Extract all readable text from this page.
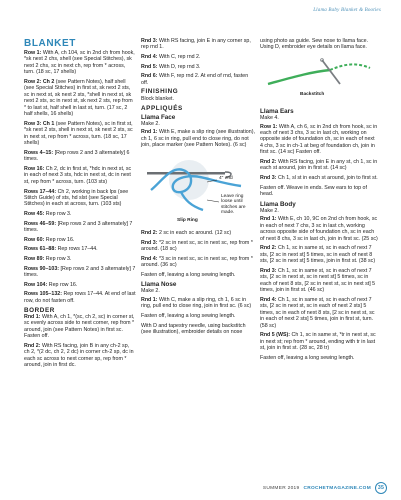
Llama Baby Blanket & Booties
BLANKET

Row 1: With A, ch 104, sc in 2nd ch from hook, *sk next 2 chs, shell (see Special Stitches), sk next 2 chs, sc in next ch, rep from * across, turn. (18 sc, 17 shells)

Row 2: Ch 2 (see Pattern Notes), half shell (see Special Stitches) in first st, sk next 2 sts, sc in next st, sk next 2 sts, *shell in next st, sk next 2 sts, sc in next st, sk next 2 sts, rep from * to last st, half shell in last st, turn. (17 sc, 2 half shells, 16 shells)

Row 3: Ch 1 (see Pattern Notes), sc in first st, *sk next 2 sts, shell in next st, sk next 2 sts, sc in next st, rep from * across, turn. (18 sc, 17 shells)

Rows 4–15: [Rep rows 2 and 3 alternately] 6 times.

Row 16: Ch 2, dc in first st, *hdc in next st, sc in each of next 3 sts, hdc in next st, dc in next st, rep from * across, turn. (103 sts)

Rows 17–44: Ch 2, working in back lps (see Stitch Guide) of sts, hd slst (see Special Stitches) in each st across, turn. (103 sts)

Row 45: Rep row 3.

Rows 46–59: [Rep rows 2 and 3 alternately] 7 times.

Row 60: Rep row 16.

Rows 61–88: Rep rows 17–44.

Row 89: Rep row 3.

Rows 90–103: [Rep rows 2 and 3 alternately] 7 times.

Row 104: Rep row 16.

Rows 105–132: Rep rows 17–44. At end of last row, do not fasten off.

BORDER

Rnd 1: With A, ch 1, *(sc, ch 2, sc) in corner st, sc evenly across side to next corner, rep from * around, join (see Pattern Notes) in first sc. Fasten off.

Rnd 2: With RS facing, join B in any ch-2 sp, ch 2, *(2 dc, ch 2, 2 dc) in corner ch-2 sp, dc in each sc across to next corner sp, rep from * around, join in first dc.

Rnd 3: With RS facing, join E in any corner sp, rep rnd 1.

Rnd 4: With C, rep rnd 2.

Rnd 5: With D, rep rnd 3.

Rnd 6: With F, rep rnd 2. At end of rnd, fasten off.

FINISHING

Block blanket.

APPLIQUÉS
Llama Face
Make 2.

Rnd 1: With E, make a slip ring (see illustration), ch 1, 6 sc in ring, pull end to close ring, do not join, place marker (see Pattern Notes). (6 sc)

4" end
Leave ring loose until stitches are made.
Slip Ring

Rnd 2: 2 sc in each sc around. (12 sc)

Rnd 3: *2 sc in next sc, sc in next sc, rep from * around. (18 sc)

Rnd 4: *3 sc in next sc, sc in next sc, rep from * around. (36 sc)

Fasten off, leaving a long sewing length.

Llama Nose
Make 2.

Rnd 1: With C, make a slip ring, ch 1, 6 sc in ring, pull end to close ring, join in first sc. (6 sc)

Fasten off, leaving a long sewing length.

With D and tapestry needle, using backstitch (see illustration), embroider details on nose

using photo as guide. Sew nose to llama face. Using D, embroider eye details on llama face.

Backstitch
Llama Ears
Make 4.

Row 1: With A, ch 6, sc in 2nd ch from hook, sc in each of next 3 chs, 3 sc in last ch, working on opposite side of foundation ch, sc in each of next 4 chs, 3 sc in ch-1 at beg of foundation ch, join in first sc. (14 sc) Fasten off.

Rnd 2: With RS facing, join E in any st, ch 1, sc in each st around, join in first st. (14 sc)

Rnd 3: Ch 1, sl st in each st around, join to first st.

Fasten off. Weave in ends. Sew ears to top of head.

Llama Body
Make 2.

Rnd 1: With E, ch 10, 9C on 2nd ch from hook, sc in each of next 7 chs, 3 sc in last ch, working across opposite side of foundation ch, sc in each of next 8 chs, 3 sc in last ch, join in first sc. (25 sc)

Rnd 2: Ch 1, sc in same st, sc in each of next 7 sts, [2 sc in next st] 5 times, sc in each of next 8 sts, [2 sc in next st] 5 times, join in first st. (38 sc)

Rnd 3: Ch 1, sc in same st, sc in each of next 7 sts, [2 sc in next st, sc in next st] 5 times, sc in each of next 8 sts, [2 sc in next st, sc in next st] 5 times, join in first st. (46 sc)

Rnd 4: Ch 1, sc in same st, sc in each of next 7 sts, [2 sc in next st, sc in each of next 2 sts] 5 times, sc in each of next 8 sts, [2 sc in next st, sc in each of next 2 sts] 5 times, join in first st, turn. (58 sc)

Rnd 5 (WS): Ch 1, sc in same st, *tr in next st, sc in next st; rep from * around, ending with tr in last st, join in first st. (28 sc, 28 tr)

Fasten off, leaving a long sewing length.

SUMMER 2019 CROCHETMAGAZINE.COM	35
